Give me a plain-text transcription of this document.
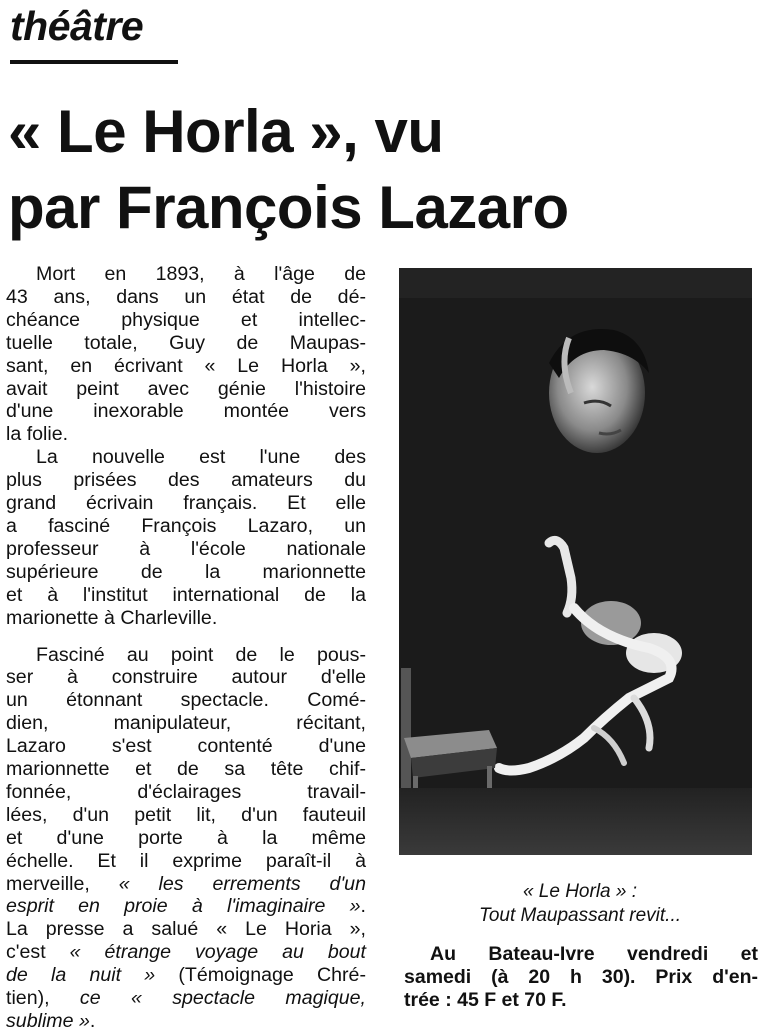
théâtre
« Le Horla », vu
par François Lazaro

Mort en 1893, à l'âge de
43 ans, dans un état de dé-
chéance physique et intellec-
tuelle totale, Guy de Maupas-
sant, en écrivant « Le Horla »,
avait peint avec génie l'histoire
d'une inexorable montée vers
la folie.

La nouvelle est l'une des
plus prisées des amateurs du
grand écrivain français. Et elle
a fasciné François Lazaro, un
professeur à l'école nationale
supérieure de la marionnette
et à l'institut international de la
marionette à Charleville.

Fasciné au point de le pous-
ser à construire autour d'elle
un étonnant spectacle. Comé-
dien, manipulateur, récitant,
Lazaro s'est contenté d'une
marionnette et de sa tête chif-
fonnée, d'éclairages travail-
lées, d'un petit lit, d'un fauteuil
et d'une porte à la même
échelle. Et il exprime paraît-il à
merveille, « les errements d'un
esprit en proie à l'imaginaire ».
La presse a salué « Le Horia »,
c'est « étrange voyage au bout
de la nuit » (Témoignage Chré-
tien), ce « spectacle magique,
sublime ».

« Le Horla » :
Tout Maupassant revit...
Au Bateau-Ivre vendredi et
samedi (à 20 h 30). Prix d'en-
trée : 45 F et 70 F.
